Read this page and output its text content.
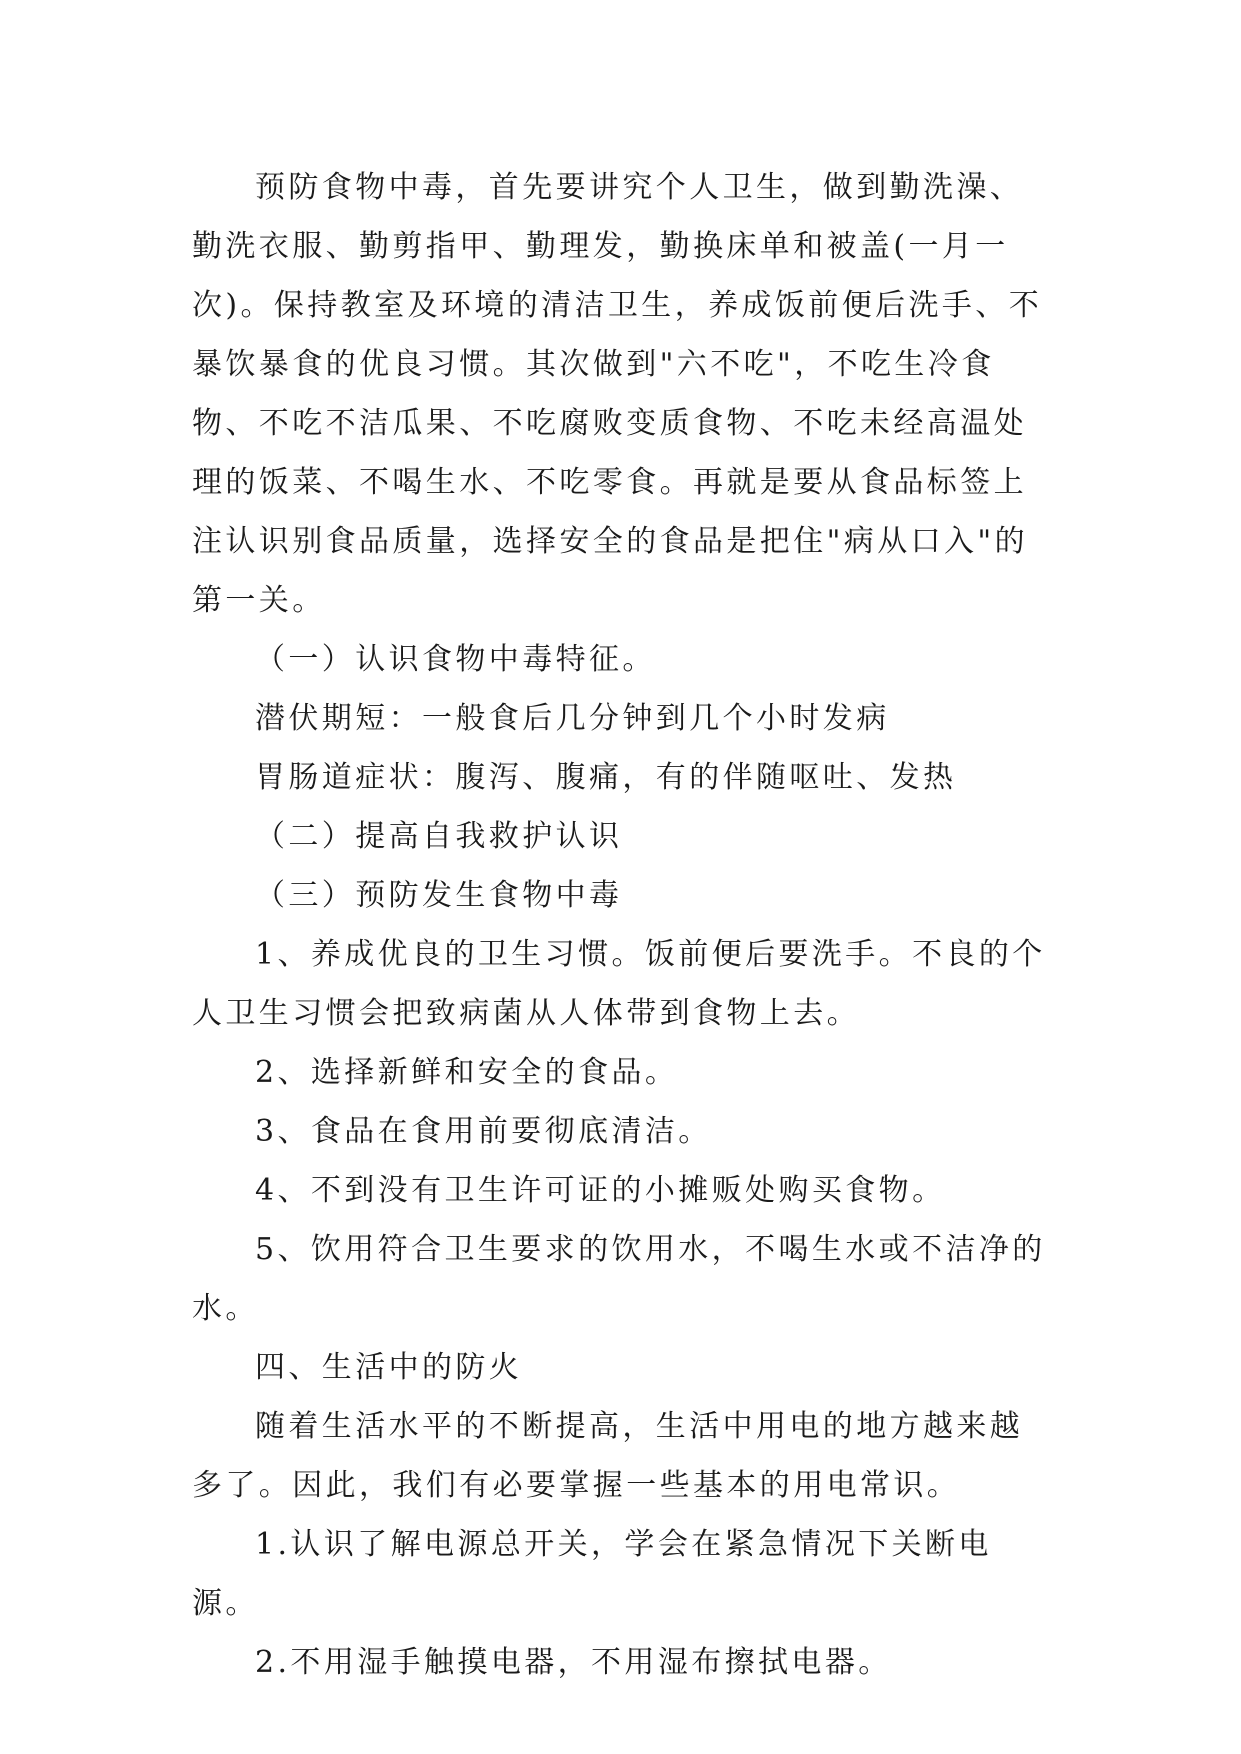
预防食物中毒，首先要讲究个人卫生，做到勤洗澡、勤洗衣服、勤剪指甲、勤理发，勤换床单和被盖(一月一次)。保持教室及环境的清洁卫生，养成饭前便后洗手、不暴饮暴食的优良习惯。其次做到"六不吃"，不吃生冷食物、不吃不洁瓜果、不吃腐败变质食物、不吃未经高温处理的饭菜、不喝生水、不吃零食。再就是要从食品标签上注认识别食品质量，选择安全的食品是把住"病从口入"的第一关。

（一）认识食物中毒特征。

潜伏期短：一般食后几分钟到几个小时发病

胃肠道症状：腹泻、腹痛，有的伴随呕吐、发热

（二）提高自我救护认识

（三）预防发生食物中毒

1、养成优良的卫生习惯。饭前便后要洗手。不良的个人卫生习惯会把致病菌从人体带到食物上去。

2、选择新鲜和安全的食品。

3、食品在食用前要彻底清洁。

4、不到没有卫生许可证的小摊贩处购买食物。

5、饮用符合卫生要求的饮用水，不喝生水或不洁净的水。

四、生活中的防火

随着生活水平的不断提高，生活中用电的地方越来越多了。因此，我们有必要掌握一些基本的用电常识。

1.认识了解电源总开关，学会在紧急情况下关断电源。

2.不用湿手触摸电器，不用湿布擦拭电器。
